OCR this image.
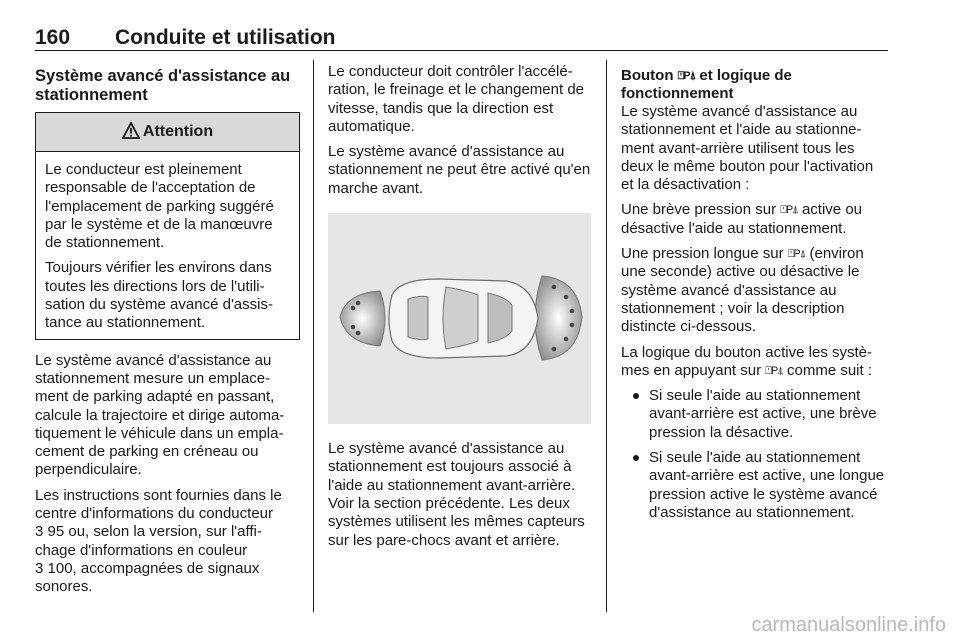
160 Conduite et utilisation
Système avancé d'assistance au stationnement
Attention

Le conducteur est pleinement responsable de l'acceptation de l'emplacement de parking suggéré par le système et de la manœuvre de stationnement.

Toujours vérifier les environs dans toutes les directions lors de l'utili-sation du système avancé d'assis-tance au stationnement.

Le système avancé d'assistance au stationnement mesure un emplace-ment de parking adapté en passant, calcule la trajectoire et dirige automa-tiquement le véhicule dans un empla-cement de parking en créneau ou perpendiculaire.

Les instructions sont fournies dans le centre d'informations du conducteur
3 95 ou, selon la version, sur l'affi-chage d'informations en couleur
3 100, accompagnées de signaux sonores.

Le conducteur doit contrôler l'accélé-ration, le freinage et le changement de vitesse, tandis que la direction est automatique.

Le système avancé d'assistance au stationnement ne peut être activé qu'en marche avant.

Le système avancé d'assistance au stationnement est toujours associé à l'aide au stationnement avant-arrière. Voir la section précédente. Les deux systèmes utilisent les mêmes capteurs sur les pare-chocs avant et arrière.

Bouton ⍞P⍋ et logique de fonctionnement

Le système avancé d'assistance au stationnement et l'aide au stationne-ment avant-arrière utilisent tous les deux le même bouton pour l'activation et la désactivation :

Une brève pression sur ⍞P⍋ active ou désactive l'aide au stationnement.

Une pression longue sur ⍞P⍋ (environ une seconde) active ou désactive le système avancé d'assistance au stationnement ; voir la description distincte ci-dessous.

La logique du bouton active les systè-mes en appuyant sur ⍞P⍋ comme suit :

Si seule l'aide au stationnement avant-arrière est active, une brève pression la désactive.
Si seule l'aide au stationnement avant-arrière est active, une longue pression active le système avancé d'assistance au stationnement.
carmanualsonline.info
